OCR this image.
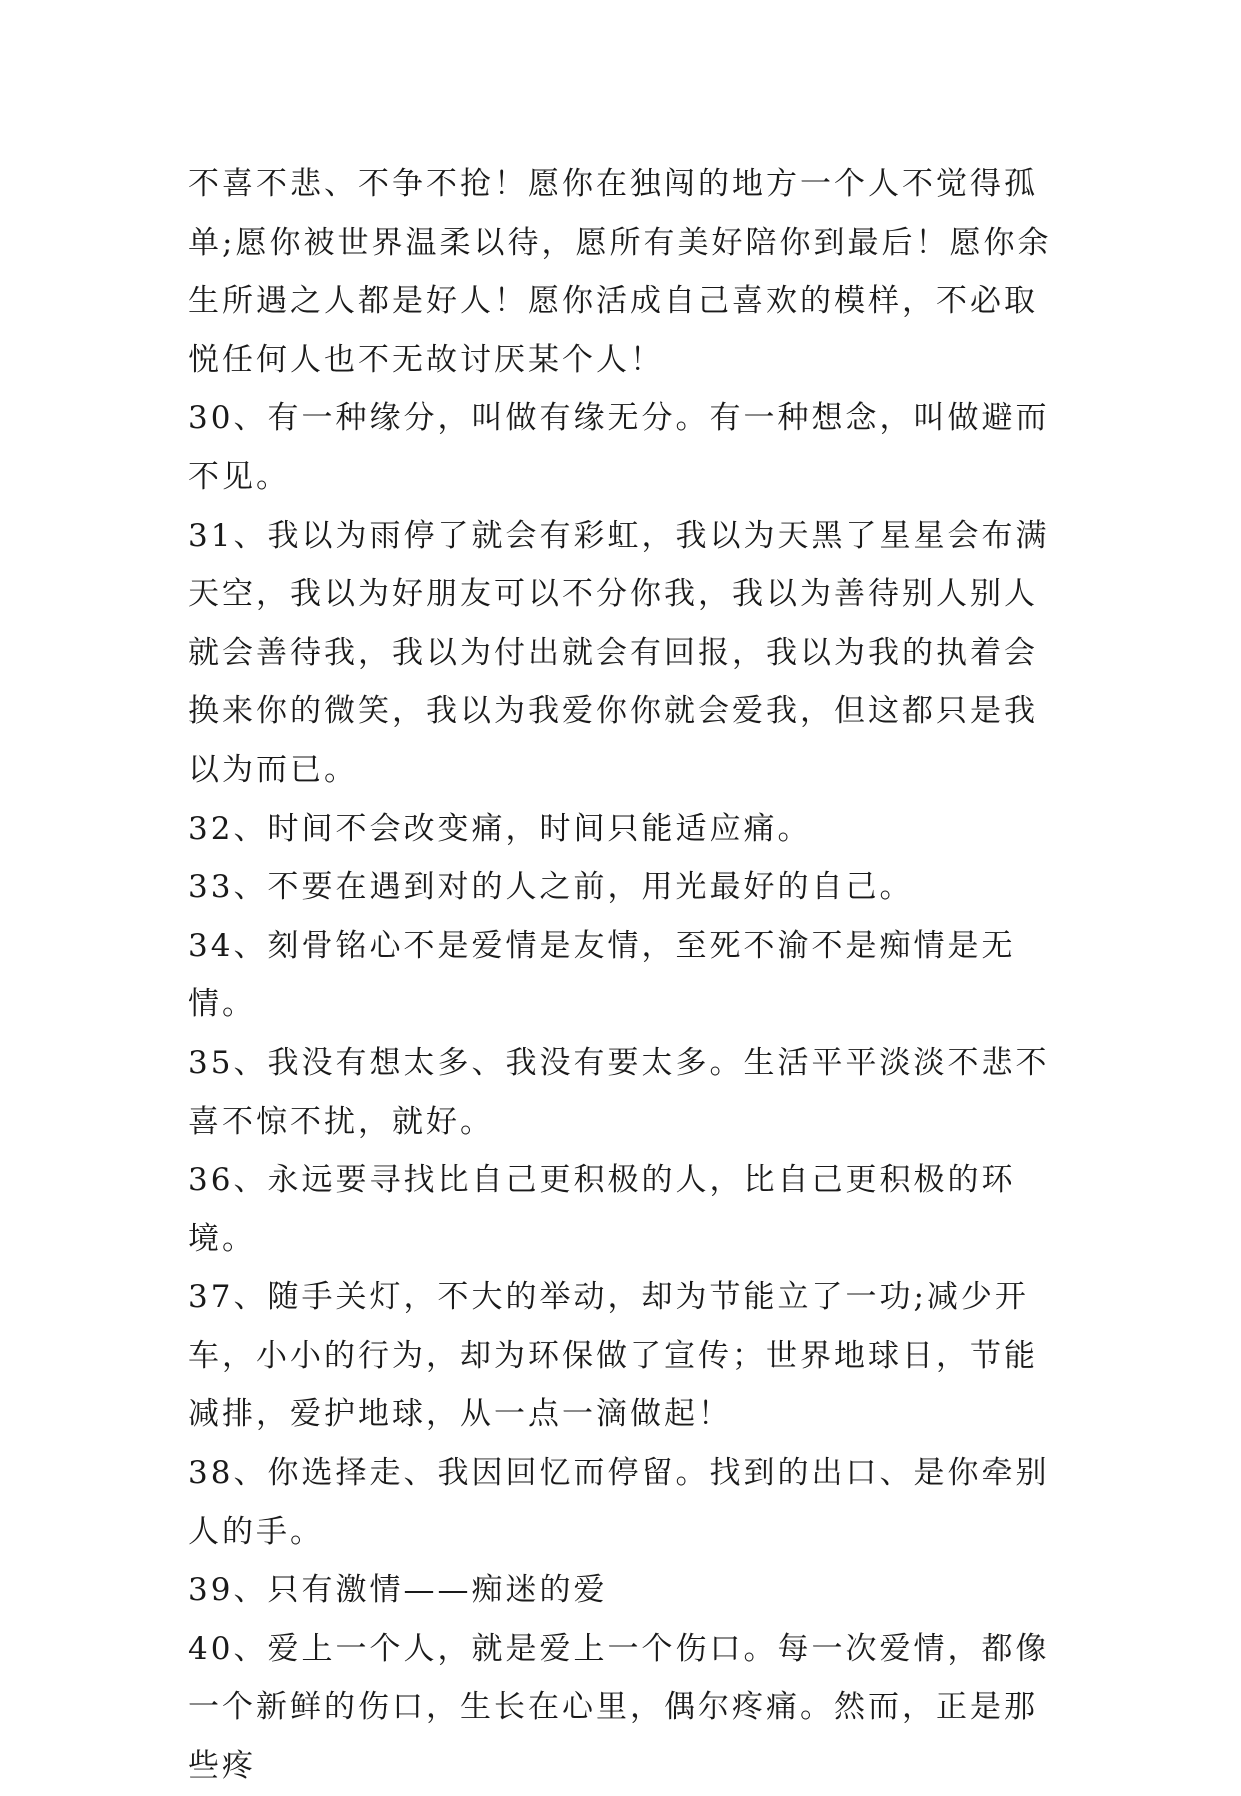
不喜不悲、不争不抢！愿你在独闯的地方一个人不觉得孤单;愿你被世界温柔以待，愿所有美好陪你到最后！愿你余生所遇之人都是好人！愿你活成自己喜欢的模样，不必取悦任何人也不无故讨厌某个人！

30、有一种缘分，叫做有缘无分。有一种想念，叫做避而不见。

31、我以为雨停了就会有彩虹，我以为天黑了星星会布满天空，我以为好朋友可以不分你我，我以为善待别人别人就会善待我，我以为付出就会有回报，我以为我的执着会换来你的微笑，我以为我爱你你就会爱我，但这都只是我以为而已。

32、时间不会改变痛，时间只能适应痛。

33、不要在遇到对的人之前，用光最好的自己。

34、刻骨铭心不是爱情是友情，至死不渝不是痴情是无情。

35、我没有想太多、我没有要太多。生活平平淡淡不悲不喜不惊不扰，就好。

36、永远要寻找比自己更积极的人，比自己更积极的环境。

37、随手关灯，不大的举动，却为节能立了一功;减少开车，小小的行为，却为环保做了宣传；世界地球日，节能减排，爱护地球，从一点一滴做起！

38、你选择走、我因回忆而停留。找到的出口、是你牵别人的手。

39、只有激情——痴迷的爱

40、爱上一个人，就是爱上一个伤口。每一次爱情，都像一个新鲜的伤口，生长在心里，偶尔疼痛。然而，正是那些疼
